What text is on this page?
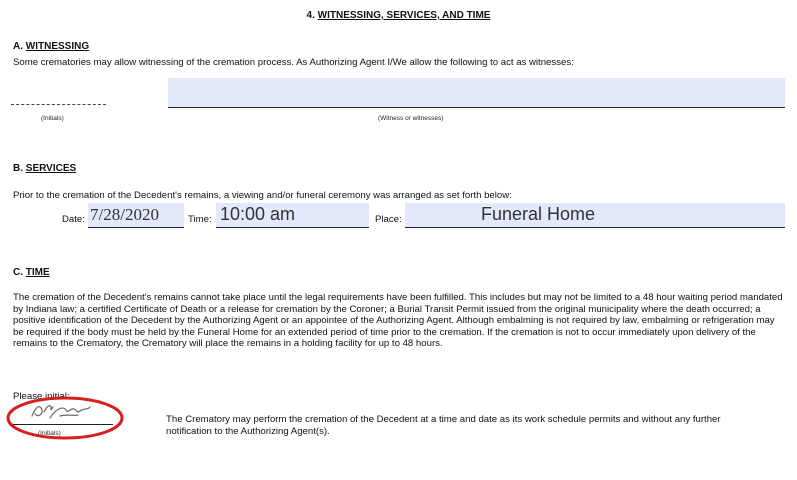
4. WITNESSING, SERVICES, AND TIME
A. WITNESSING
Some crematories may allow witnessing of the cremation process. As Authorizing Agent I/We allow the following to act as witnesses:
(Initials)	(Witness or witnesses)
B. SERVICES
Prior to the cremation of the Decedent's remains, a viewing and/or funeral ceremony was arranged as set forth below:
Date: 7/28/2020	Time: 10:00 am	Place:	Funeral Home
C. TIME
The cremation of the Decedent's remains cannot take place until the legal requirements have been fulfilled. This includes but may not be limited to a 48 hour waiting period mandated by Indiana law; a certified Certificate of Death or a release for cremation by the Coroner; a Burial Transit Permit issued from the original municipality where the death occurred; a positive identification of the Decedent by the Authorizing Agent or an appointee of the Authorizing Agent. Although embalming is not required by law, embalming or refrigeration may be required if the body must be held by the Funeral Home for an extended period of time prior to the cremation. If the cremation is not to occur immediately upon delivery of the remains to the Crematory, the Crematory will place the remains in a holding facility for up to 48 hours.
Please initial:
(Initials)
The Crematory may perform the cremation of the Decedent at a time and date as its work schedule permits and without any further notification to the Authorizing Agent(s).
